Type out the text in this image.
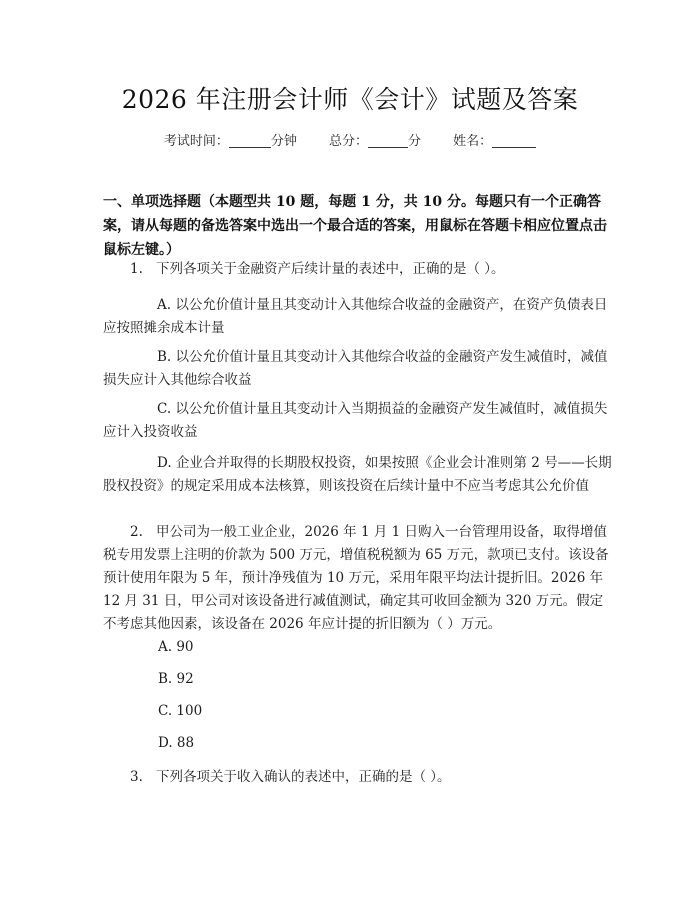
2026 年注册会计师《会计》试题及答案
考试时间：	分钟 总分：	分 姓名：
一、单项选择题（本题型共 10 题，每题 1 分，共 10 分。每题只有一个正确答案，请从每题的备选答案中选出一个最合适的答案，用鼠标在答题卡相应位置点击鼠标左键。）
1. 下列各项关于金融资产后续计量的表述中，正确的是（ ）。
A. 以公允价值计量且其变动计入其他综合收益的金融资产，在资产负债表日应按照摊余成本计量
B. 以公允价值计量且其变动计入其他综合收益的金融资产发生减值时，减值损失应计入其他综合收益
C. 以公允价值计量且其变动计入当期损益的金融资产发生减值时，减值损失应计入投资收益
D. 企业合并取得的长期股权投资，如果按照《企业会计准则第 2 号——长期股权投资》的规定采用成本法核算，则该投资在后续计量中不应当考虑其公允价值
2. 甲公司为一般工业企业，2026 年 1 月 1 日购入一台管理用设备，取得增值税专用发票上注明的价款为 500 万元，增值税税额为 65 万元，款项已支付。该设备预计使用年限为 5 年，预计净残值为 10 万元，采用年限平均法计提折旧。2026 年 12 月 31 日，甲公司对该设备进行减值测试，确定其可收回金额为 320 万元。假定不考虑其他因素，该设备在 2026 年应计提的折旧额为（ ）万元。
A. 90
B. 92
C. 100
D. 88
3. 下列各项关于收入确认的表述中，正确的是（ ）。
